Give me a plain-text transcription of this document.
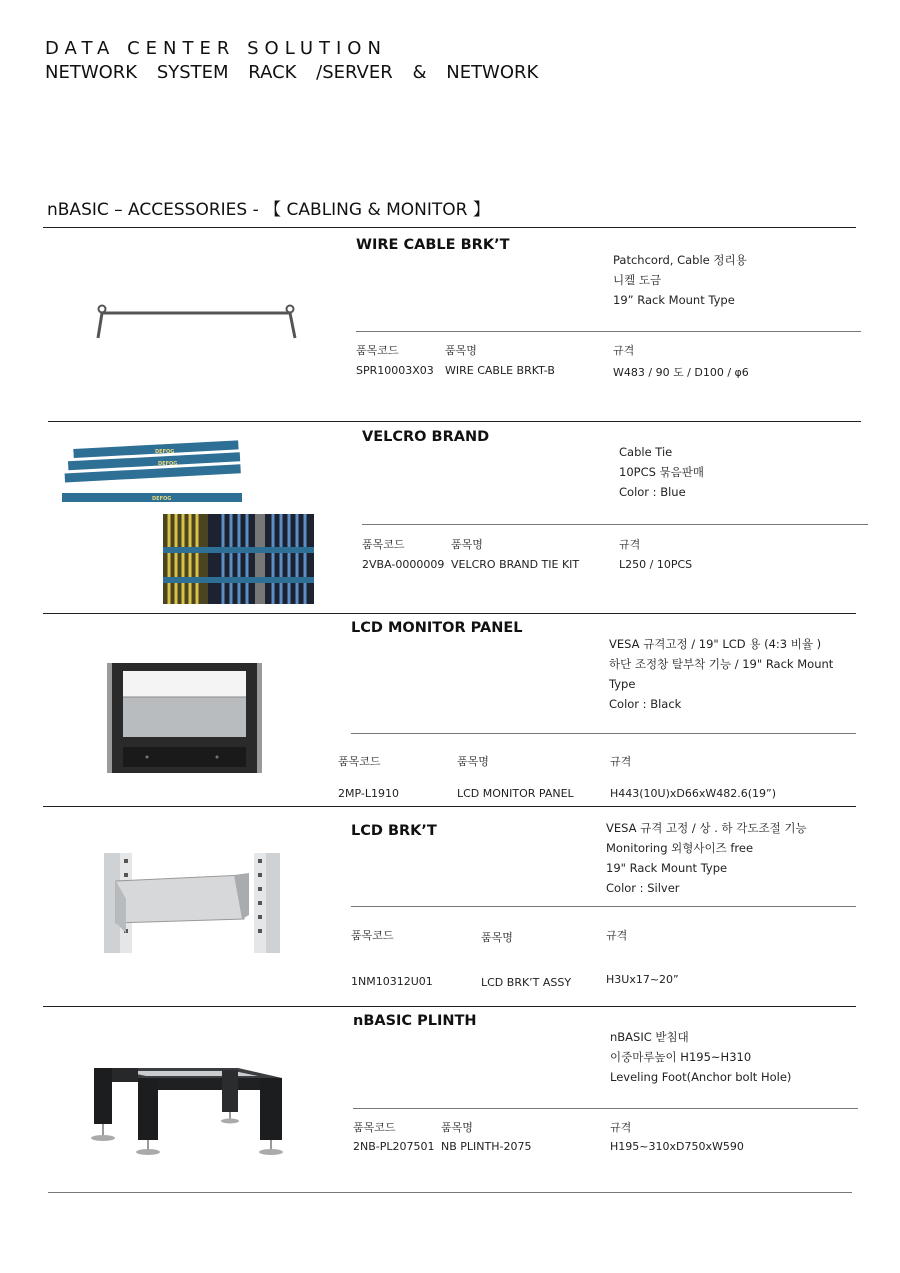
DATA CENTER SOLUTION
NETWORK SYSTEM RACK /SERVER & NETWORK
nBASIC – ACCESSORIES - 【 CABLING & MONITOR 】
WIRE CABLE BRK’T
Patchcord, Cable 정리용
니켈 도금
19” Rack Mount Type
품목코드	품목명	규격
SPR10003X03 WIRE CABLE BRKT-B	W483 / 90 도 / D100 / φ6
DEFOG
DEFOG
DEFOG
VELCRO BRAND
Cable Tie
10PCS 묶음판매
Color : Blue
품목코드	품목명	규격
2VBA-0000009 VELCRO BRAND TIE KIT	L250 / 10PCS
LCD MONITOR PANEL
VESA 규격고정 / 19" LCD 용 (4:3 비율 )
하단 조정창 탈부착 기능 / 19" Rack Mount
Type
Color : Black
품목코드	품목명	규격
2MP-L1910	LCD MONITOR PANEL	H443(10U)xD66xW482.6(19”)
LCD BRK’T	VESA 규격 고정 / 상 . 하 각도조절 기능
Monitoring 외형사이즈 free
19" Rack Mount Type
Color : Silver
품목코드	품목명	규격
1NM10312U01	LCD BRK’T ASSY	H3Ux17~20”
nBASIC PLINTH
nBASIC 받침대
이중마루높이 H195~H310
Leveling Foot(Anchor bolt Hole)
품목코드	품목명	규격
2NB-PL207501 NB PLINTH-2075	H195~310xD750xW590
